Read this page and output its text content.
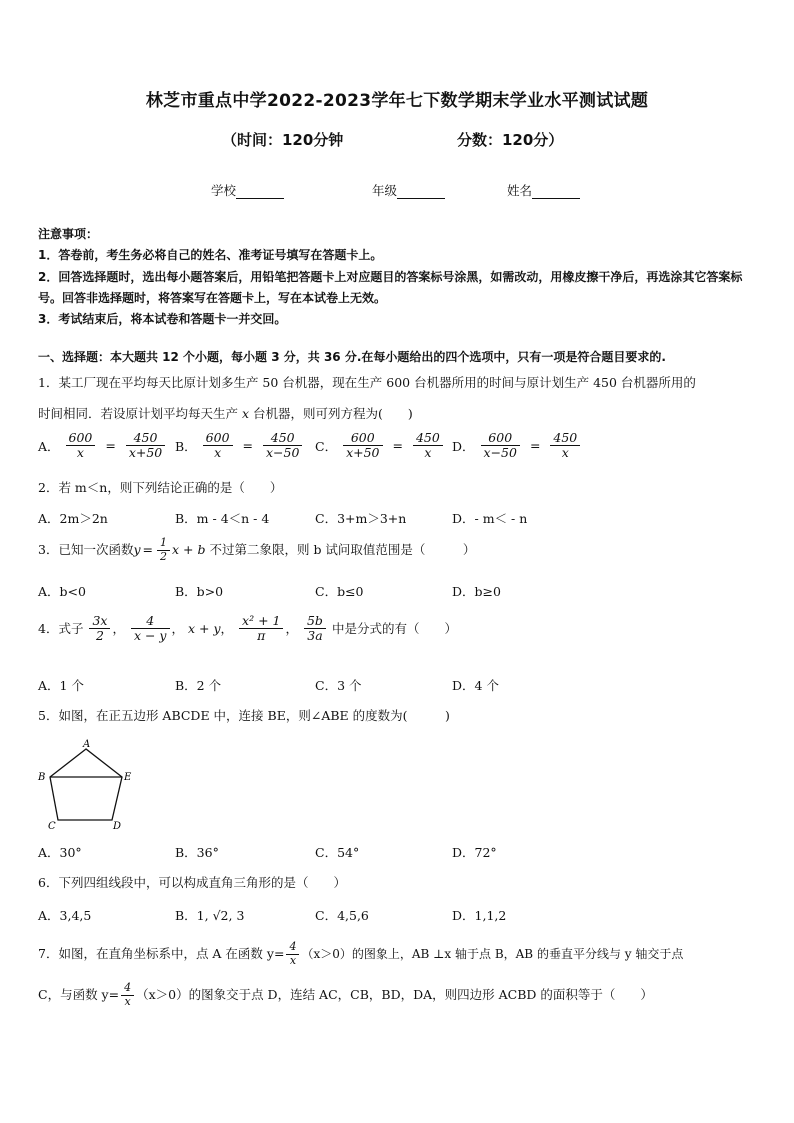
林芝市重点中学2022-2023学年七下数学期末学业水平测试试题
（时间：120分钟	分数：120分）
学校	年级	姓名

注意事项：

1．答卷前，考生务必将自己的姓名、准考证号填写在答题卡上。

2．回答选择题时，选出每小题答案后，用铅笔把答题卡上对应题目的答案标号涂黑，如需改动，用橡皮擦干净后，再选涂其它答案标号。回答非选择题时，将答案写在答题卡上，写在本试卷上无效。

3．考试结束后，将本试卷和答题卡一并交回。

一、选择题：本大题共 12 个小题，每小题 3 分，共 36 分.在每小题给出的四个选项中，只有一项是符合题目要求的.
1．某工厂现在平均每天比原计划多生产 50 台机器，现在生产 600 台机器所用的时间与原计划生产 450 台机器所用的
时间相同．若设原计划平均每天生产 x 台机器，则可列方程为(　　)
A． $\frac{600}{x} = \frac{450}{x+50}$ B． $\frac{600}{x} = \frac{450}{x-50}$ C． $\frac{600}{x+50} = \frac{450}{x}$ D． $\frac{600}{x-50} = \frac{450}{x}$
2．若 m＜n，则下列结论正确的是（　　）
A．2m＞2n	B．m - 4＜n - 4	C．3+m＞3+n	D．- m＜ - n
3．已知一次函数$y = \frac{1}{2}$ x + b 不过第二象限，则 b 试问取值范围是（　　　）
A．b<0	B．b>0	C．b≤0	D．b≥0
4．式子 $\frac{3x}{2}$ ， $\frac{4}{x - y}$ ， x + y， $\frac{\text{x² + 1}}{\pi}$ ， $\frac{5b}{3a}$ 中是分式的有（　　）
A．1 个	B．2 个	C．3 个	D．4 个
5．如图，在正五边形 ABCDE 中，连接 BE，则∠ABE 的度数为(　　　)
A
B	E
C	D
A．30°	B．36°	C．54°	D．72°
6．下列四组线段中，可以构成直角三角形的是（　　）
A．3,4,5	B．1, √2, 3	C．4,5,6	D．1,1,2
7．如图，在直角坐标系中，点 A 在函数 $y= \frac{4}{x} (x>0)$的图象上，AB ⊥x 轴于点 B，AB 的垂直平分线与 y 轴交于点
C，与函数 $y= \frac{4}{x} (x>0)$的图象交于点 D，连结 AC，CB，BD，DA，则四边形 ACBD 的面积等于（　　）
